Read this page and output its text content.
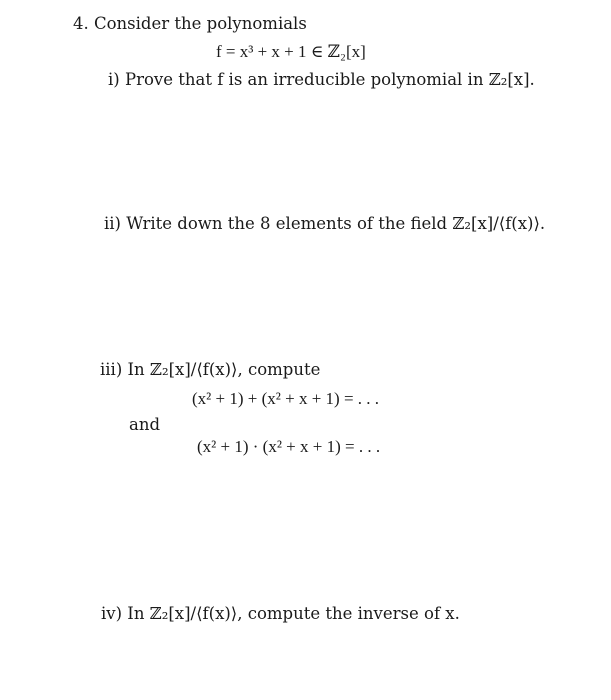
4. Consider the polynomials
f = x³ + x + 1 ∈ ℤ₂[x]
i) Prove that f is an irreducible polynomial in ℤ₂[x].
ii) Write down the 8 elements of the field ℤ₂[x]/⟨f(x)⟩.
iii) In ℤ₂[x]/⟨f(x)⟩, compute
(x² + 1) + (x² + x + 1) = . . .
and
(x² + 1) · (x² + x + 1) = . . .
iv) In ℤ₂[x]/⟨f(x)⟩, compute the inverse of x.
